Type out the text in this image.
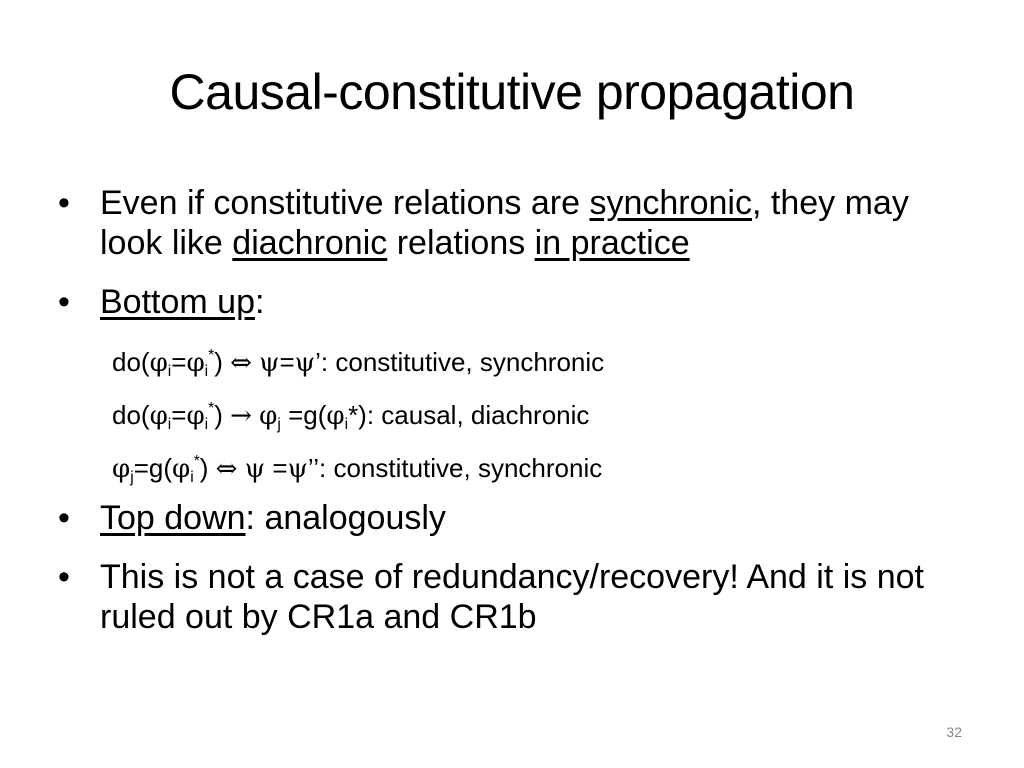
Causal-constitutive propagation
• Even if constitutive relations are synchronic, they may look like diachronic relations in practice
• Bottom up:
$do(\varphi_i=\varphi_i^*)$ ⇔ ψ=ψ’: constitutive, synchronic
$do(\varphi_i=\varphi_i^*) \to \varphi_j =g(\varphi_i*)$: causal, diachronic
$\varphi_j=g(\varphi_i^*)$ ⇔ ψ =ψ’’: constitutive, synchronic
• Top down: analogously
• This is not a case of redundancy/recovery! And it is not ruled out by CR1a and CR1b
32
